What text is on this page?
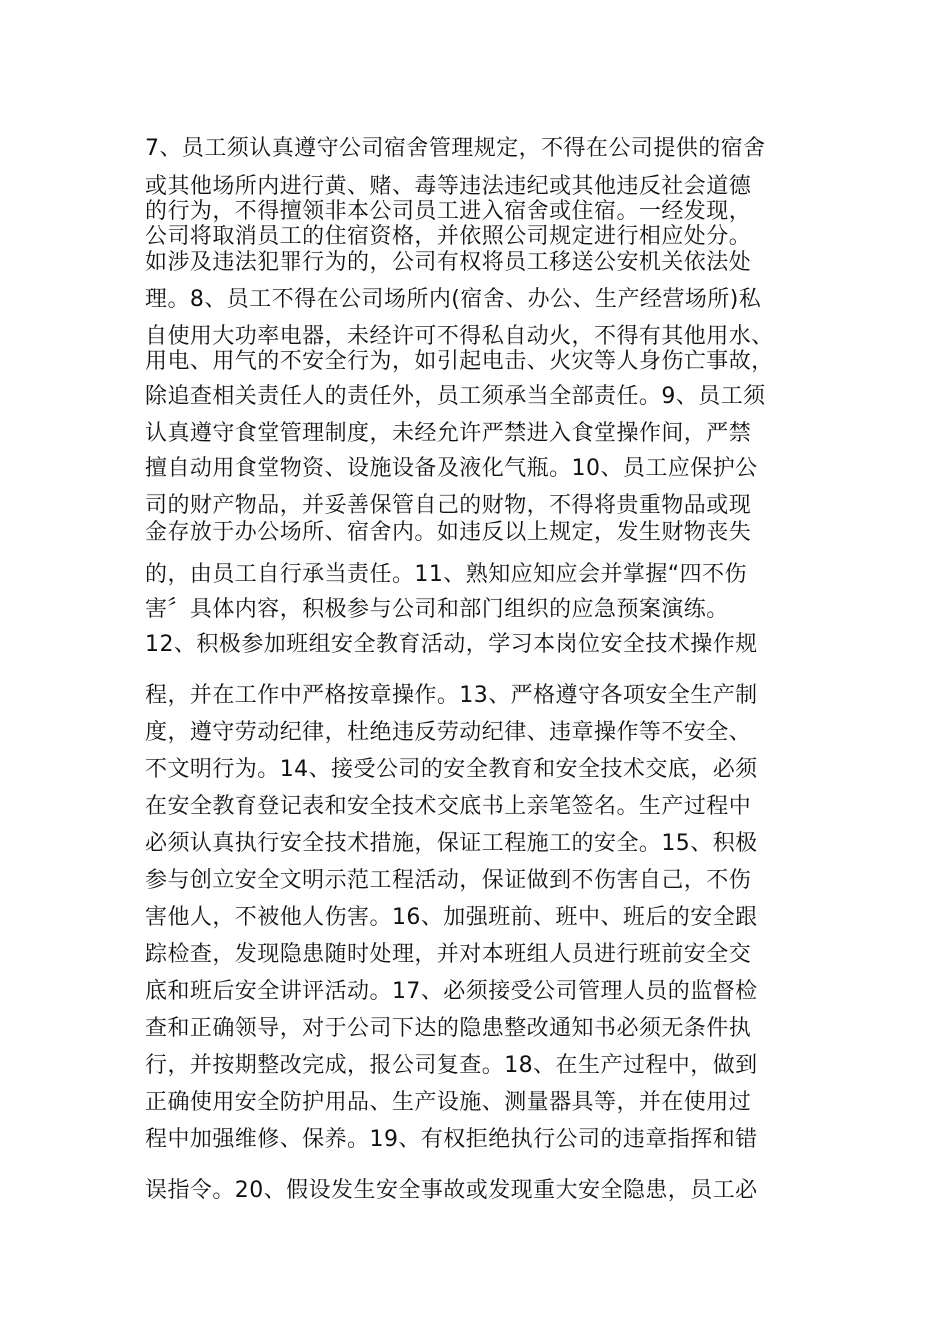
7、员工须认真遵守公司宿舍管理规定，不得在公司提供的宿舍

或其他场所内进行黄、赌、毒等违法违纪或其他违反社会道德

的行为，不得擅领非本公司员工进入宿舍或住宿。一经发现，

公司将取消员工的住宿资格，并依照公司规定进行相应处分。

如涉及违法犯罪行为的，公司有权将员工移送公安机关依法处

理。8、员工不得在公司场所内(宿舍、办公、生产经营场所)私

自使用大功率电器，未经许可不得私自动火，不得有其他用水、

用电、用气的不安全行为，如引起电击、火灾等人身伤亡事故，

除追查相关责任人的责任外，员工须承当全部责任。9、员工须

认真遵守食堂管理制度，未经允许严禁进入食堂操作间，严禁

擅自动用食堂物资、设施设备及液化气瓶。10、员工应保护公

司的财产物品，并妥善保管自己的财物，不得将贵重物品或现

金存放于办公场所、宿舍内。如违反以上规定，发生财物丧失

的，由员工自行承当责任。11、熟知应知应会并掌握“四不伤

害〞具体内容，积极参与公司和部门组织的应急预案演练。

12、积极参加班组安全教育活动，学习本岗位安全技术操作规

程，并在工作中严格按章操作。13、严格遵守各项安全生产制

度，遵守劳动纪律，杜绝违反劳动纪律、违章操作等不安全、

不文明行为。14、接受公司的安全教育和安全技术交底，必须

在安全教育登记表和安全技术交底书上亲笔签名。生产过程中

必须认真执行安全技术措施，保证工程施工的安全。15、积极

参与创立安全文明示范工程活动，保证做到不伤害自己，不伤

害他人，不被他人伤害。16、加强班前、班中、班后的安全跟

踪检查，发现隐患随时处理，并对本班组人员进行班前安全交

底和班后安全讲评活动。17、必须接受公司管理人员的监督检

查和正确领导，对于公司下达的隐患整改通知书必须无条件执

行，并按期整改完成，报公司复查。18、在生产过程中，做到

正确使用安全防护用品、生产设施、测量器具等，并在使用过

程中加强维修、保养。19、有权拒绝执行公司的违章指挥和错

误指令。20、假设发生安全事故或发现重大安全隐患，员工必
